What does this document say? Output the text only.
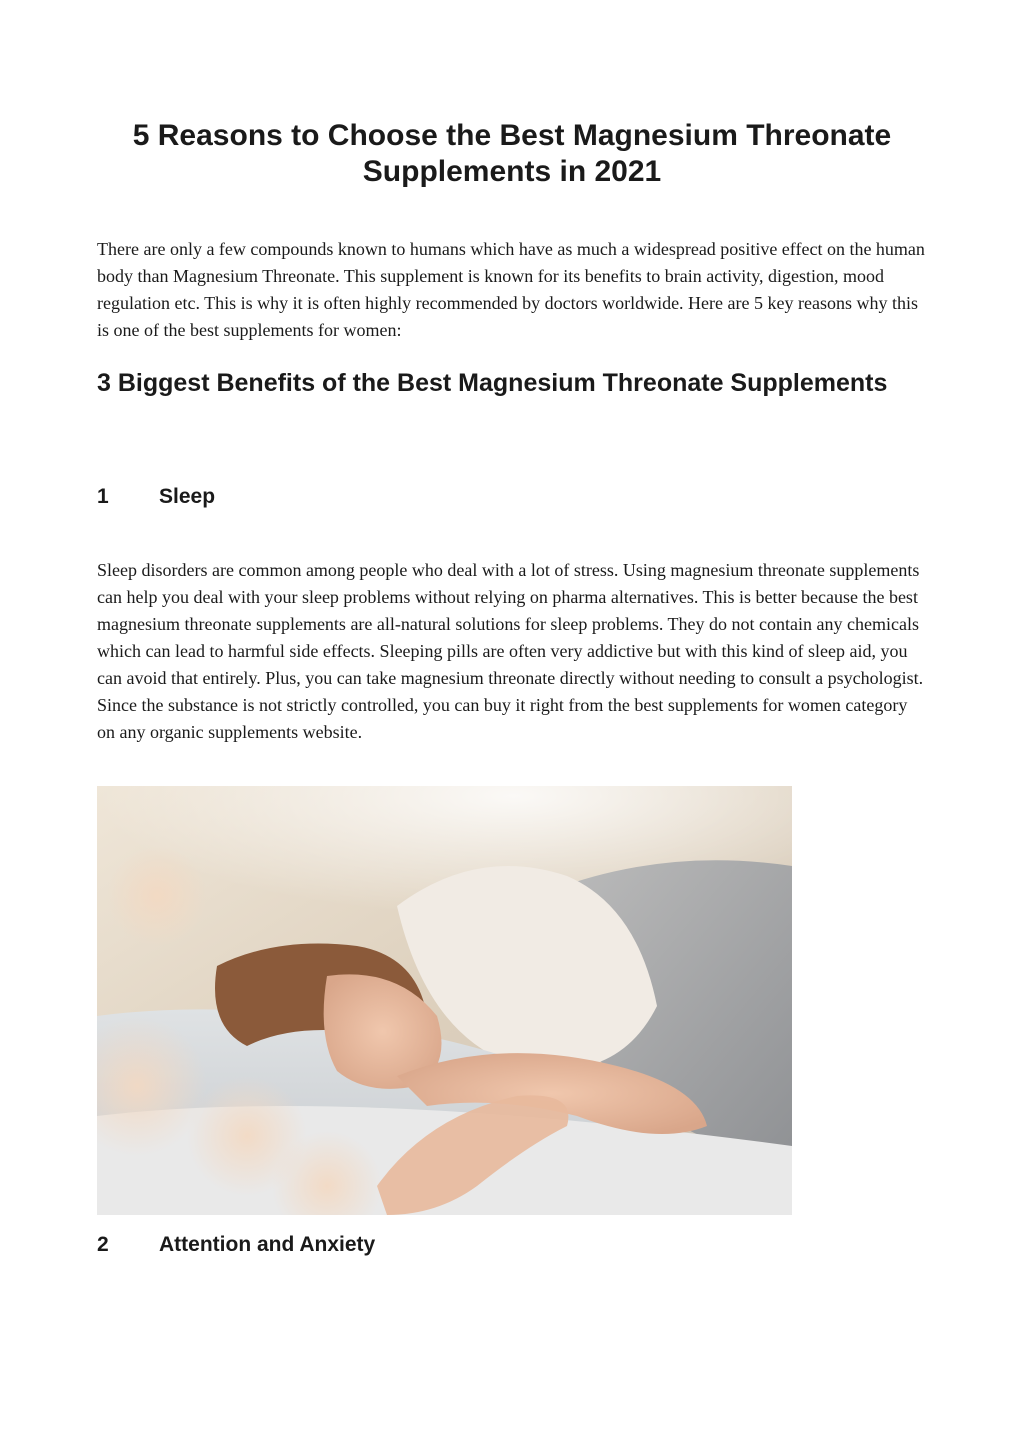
5 Reasons to Choose the Best Magnesium Threonate Supplements in 2021

There are only a few compounds known to humans which have as much a widespread positive effect on the human body than Magnesium Threonate. This supplement is known for its benefits to brain activity, digestion, mood regulation etc. This is why it is often highly recommended by doctors worldwide. Here are 5 key reasons why this is one of the best supplements for women:

3 Biggest Benefits of the Best Magnesium Threonate Supplements
1	Sleep

Sleep disorders are common among people who deal with a lot of stress. Using magnesium threonate supplements can help you deal with your sleep problems without relying on pharma alternatives. This is better because the best magnesium threonate supplements are all-natural solutions for sleep problems. They do not contain any chemicals which can lead to harmful side effects. Sleeping pills are often very addictive but with this kind of sleep aid, you can avoid that entirely. Plus, you can take magnesium threonate directly without needing to consult a psychologist. Since the substance is not strictly controlled, you can buy it right from the best supplements for women category on any organic supplements website.

2	Attention and Anxiety
